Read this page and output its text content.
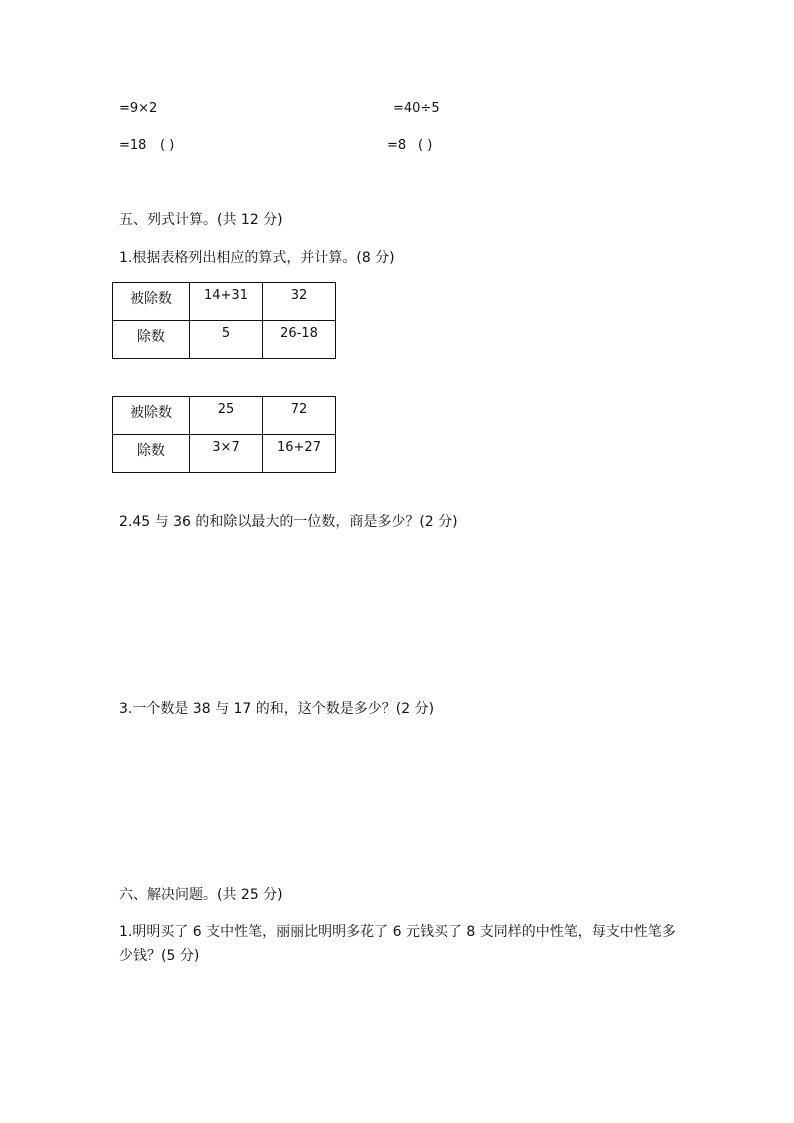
=9×2	=40÷5
=18 ( )	=8 ( )
五、列式计算。(共 12 分)
1.根据表格列出相应的算式，并计算。(8 分)
被除数	14+31	32
除数	5	26-18
被除数	25	72
除数	3×7	16+27
2.45 与 36 的和除以最大的一位数，商是多少？(2 分)
3.一个数是 38 与 17 的和，这个数是多少？(2 分)
六、解决问题。(共 25 分)
1.明明买了 6 支中性笔，丽丽比明明多花了 6 元钱买了 8 支同样的中性笔，每支中性笔多少钱？(5 分)
